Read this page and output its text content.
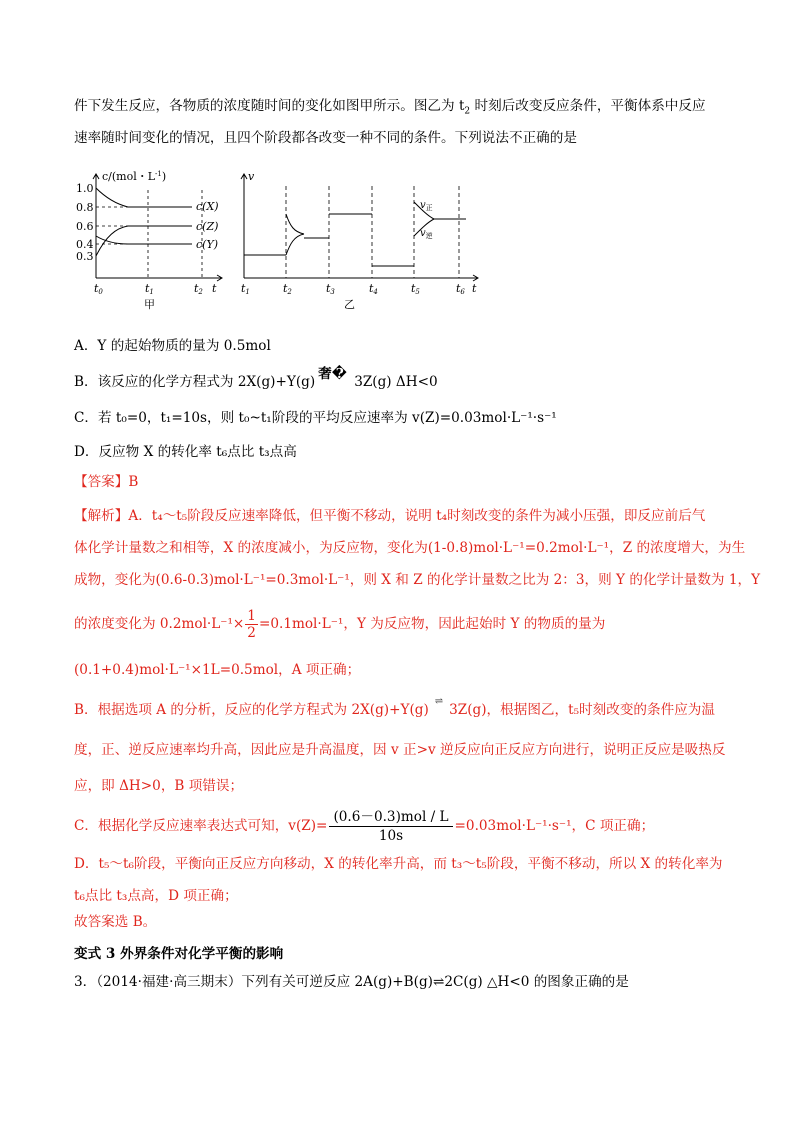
件下发生反应，各物质的浓度随时间的变化如图甲所示。图乙为 $t_2$ 时刻后改变反应条件，平衡体系中反应
速率随时间变化的情况，且四个阶段都各改变一种不同的条件。下列说法不正确的是
c/(mol・$L^{-1}$)
1.0
0.8
0.6
0.4
0.3
c(X)
c(Z)
c(Y)
t0	t1	t2 t
甲
v
$v_正$
$v_逆$
t1	t2	t3	t4	t5	t6 t
乙
A．Y 的起始物质的量为 0.5mol
B．该反应的化学方程式为 2X(g)+Y(g) 奢� 3Z(g) ΔH<0
C．若 t₀=0，t₁=10s，则 t₀~t₁阶段的平均反应速率为 v(Z)=0.03mol·L⁻¹·s⁻¹
D．反应物 X 的转化率 t₆点比 t₃点高
【答案】B
【解析】A．t₄～t₅阶段反应速率降低，但平衡不移动，说明 t₄时刻改变的条件为减小压强，即反应前后气
体化学计量数之和相等，X 的浓度减小，为反应物，变化为(1-0.8)mol·L⁻¹=0.2mol·L⁻¹，Z 的浓度增大，为生
成物，变化为(0.6-0.3)mol·L⁻¹=0.3mol·L⁻¹，则 X 和 Z 的化学计量数之比为 2：3，则 Y 的化学计量数为 1，Y
的浓度变化为 $0.2mol\cdot L^{-1}\times \frac{1}{2} =0.1mol\cdot L^{-1}$，Y 为反应物，因此起始时 Y 的物质的量为
(0.1+0.4)mol·L⁻¹×1L=0.5mol，A 项正确；
B．根据选项 A 的分析，反应的化学方程式为 2X(g)+Y(g)⇌3Z(g)，根据图乙，t₅时刻改变的条件应为温
度，正、逆反应速率均升高，因此应是升高温度，因 v 正>v 逆反应向正反应方向进行，说明正反应是吸热反
应，即 ΔH>0，B 项错误；
C．根据化学反应速率表达式可知，$v(Z)= \frac{\text{(0.6－0.3)mol / L}}{10s} =0.03mol\cdot L^{-1}\cdot s^{-1}$，C 项正确；
D．t₅～t₆阶段，平衡向正反应方向移动，X 的转化率升高，而 t₃～t₅阶段，平衡不移动，所以 X 的转化率为
t₆点比 t₃点高，D 项正确；
故答案选 B。
变式 3 外界条件对化学平衡的影响
3．（2014·福建·高三期末）下列有关可逆反应 2A(g)+B(g)⇌2C(g) △H<0 的图象正确的是
